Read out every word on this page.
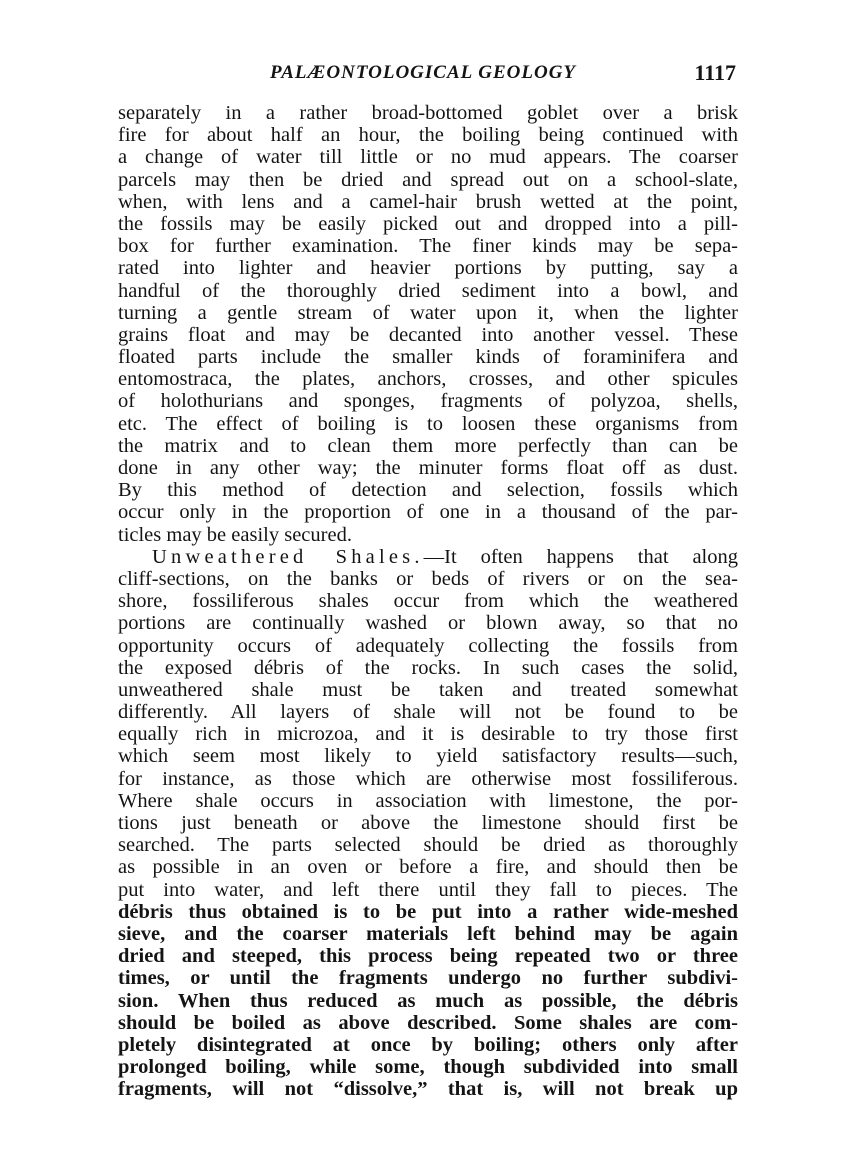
PALÆONTOLOGICAL GEOLOGY	1117
separately in a rather broad-bottomed goblet over a brisk
fire for about half an hour, the boiling being continued with
a change of water till little or no mud appears. The coarser
parcels may then be dried and spread out on a school-slate,
when, with lens and a camel-hair brush wetted at the point,
the fossils may be easily picked out and dropped into a pill-
box for further examination. The finer kinds may be sepa-
rated into lighter and heavier portions by putting, say a
handful of the thoroughly dried sediment into a bowl, and
turning a gentle stream of water upon it, when the lighter
grains float and may be decanted into another vessel. These
floated parts include the smaller kinds of foraminifera and
entomostraca, the plates, anchors, crosses, and other spicules
of holothurians and sponges, fragments of polyzoa, shells,
etc. The effect of boiling is to loosen these organisms from
the matrix and to clean them more perfectly than can be
done in any other way; the minuter forms float off as dust.
By this method of detection and selection, fossils which
occur only in the proportion of one in a thousand of the par-
ticles may be easily secured.
Unweathered Shales.—It often happens that along
cliff-sections, on the banks or beds of rivers or on the sea-
shore, fossiliferous shales occur from which the weathered
portions are continually washed or blown away, so that no
opportunity occurs of adequately collecting the fossils from
the exposed débris of the rocks. In such cases the solid,
unweathered shale must be taken and treated somewhat
differently. All layers of shale will not be found to be
equally rich in microzoa, and it is desirable to try those first
which seem most likely to yield satisfactory results—such,
for instance, as those which are otherwise most fossiliferous.
Where shale occurs in association with limestone, the por-
tions just beneath or above the limestone should first be
searched. The parts selected should be dried as thoroughly
as possible in an oven or before a fire, and should then be
put into water, and left there until they fall to pieces. The
débris thus obtained is to be put into a rather wide-meshed
sieve, and the coarser materials left behind may be again
dried and steeped, this process being repeated two or three
times, or until the fragments undergo no further subdivi-
sion. When thus reduced as much as possible, the débris
should be boiled as above described. Some shales are com-
pletely disintegrated at once by boiling; others only after
prolonged boiling, while some, though subdivided into small
fragments, will not “dissolve,” that is, will not break up
